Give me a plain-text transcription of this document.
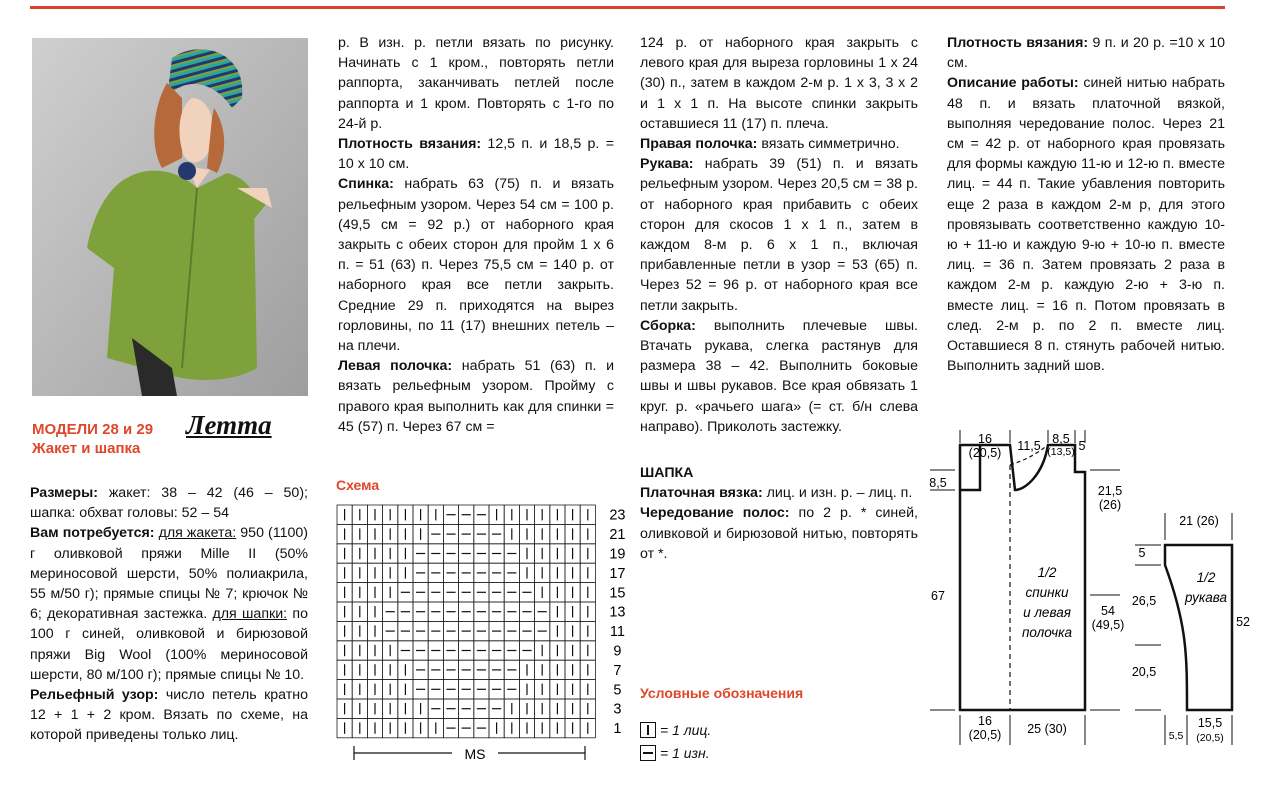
МОДЕЛИ 28 и 29
Жакет и шапка
Летта

Размеры: жакет: 38 – 42 (46 – 50); шапка: обхват головы: 52 – 54

Вам потребуется: для жакета: 950 (1100) г оливковой пряжи Mille II (50% мериносовой шерсти, 50% полиакрила, 55 м/50 г); прямые спицы № 7; крючок № 6; декоративная застежка. для шапки: по 100 г синей, оливковой и бирюзовой пряжи Big Wool (100% мериносовой шерсти, 80 м/100 г); прямые спицы № 10.

Рельефный узор: число петель кратно 12 + 1 + 2 кром. Вязать по схеме, на которой приведены только лиц.

р. В изн. р. петли вязать по рисунку. Начинать с 1 кром., повторять петли раппорта, заканчивать петлей после раппорта и 1 кром. Повторять с 1-го по 24-й р.

Плотность вязания: 12,5 п. и 18,5 р. = 10 х 10 см.

Спинка: набрать 63 (75) п. и вязать рельефным узором. Через 54 см = 100 р. (49,5 см = 92 р.) от наборного края закрыть с обеих сторон для пройм 1 х 6 п. = 51 (63) п. Через 75,5 см = 140 р. от наборного края все петли закрыть. Средние 29 п. приходятся на вырез горловины, по 11 (17) внешних петель – на плечи.

Левая полочка: набрать 51 (63) п. и вязать рельефным узором. Пройму с правого края выполнить как для спинки = 45 (57) п. Через 67 см =

Схема
23
21
19
17
15
13
11
9
7
5
3
1
MS

124 р. от наборного края закрыть с левого края для выреза горловины 1 х 24 (30) п., затем в каждом 2-м р. 1 х 3, 3 х 2 и 1 х 1 п. На высоте спинки закрыть оставшиеся 11 (17) п. плеча.

Правая полочка: вязать симметрично.

Рукава: набрать 39 (51) п. и вязать рельефным узором. Через 20,5 см = 38 р. от наборного края прибавить с обеих сторон для скосов 1 х 1 п., затем в каждом 8-м р. 6 х 1 п., включая прибавленные петли в узор = 53 (65) п. Через 52 = 96 р. от наборного края все петли закрыть.

Сборка: выполнить плечевые швы. Втачать рукава, слегка растянув для размера 38 – 42. Выполнить боковые швы и швы рукавов. Все края обвязать 1 круг. р. «рачьего шага» (= ст. б/н слева направо). Приколоть застежку.

ШАПКА

Платочная вязка: лиц. и изн. р. – лиц. п.

Чередование полос: по 2 р. * синей, оливковой и бирюзовой нитью, повторять от *.

Условные обозначения
= 1 лиц.
= 1 изн.

Плотность вязания: 9 п. и 20 р. =10 х 10 см.

Описание работы: синей нитью набрать 48 п. и вязать платочной вязкой, выполняя чередование полос. Через 21 см = 42 р. от наборного края провязать для формы каждую 11-ю и 12-ю п. вместе лиц. = 44 п. Такие убавления повторить еще 2 раза в каждом 2-м р, для этого провязывать соответственно каждую 10-ю + 11-ю и каждую 9-ю + 10-ю п. вместе лиц. = 36 п. Затем провязать 2 раза в каждом 2-м р. каждую 2-ю + 3-ю п. вместе лиц. = 16 п. Потом провязать в след. 2-м р. по 2 п. вместе лиц. Оставшиеся 8 п. стянуть рабочей нитью. Выполнить задний шов.

16
(20,5) 11,5 8,5
(13,5) 5
8,5
67
21,5
(26)
54
(49,5)
1/2
спинки
и левая
полочка
16
(20,5) 25 (30)
21 (26)
5
26,5
20,5
52
1/2
рукава
15,5
(20,5)
5,5
